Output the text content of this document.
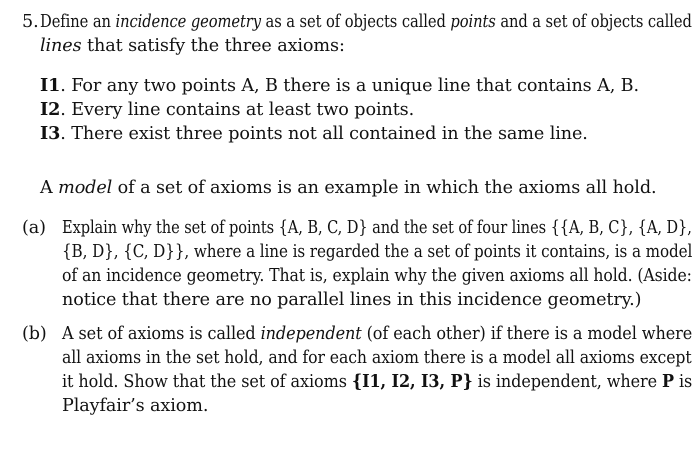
5. Define an incidence geometry as a set of objects called points and a set of objects called
lines that satisfy the three axioms:
I1. For any two points A, B there is a unique line that contains A, B.
I2. Every line contains at least two points.
I3. There exist three points not all contained in the same line.
A model of a set of axioms is an example in which the axioms all hold.
(a) Explain why the set of points {A, B, C, D} and the set of four lines {{A, B, C}, {A, D},
{B, D}, {C, D}}, where a line is regarded the a set of points it contains, is a model
of an incidence geometry. That is, explain why the given axioms all hold. (Aside:
notice that there are no parallel lines in this incidence geometry.)
(b) A set of axioms is called independent (of each other) if there is a model where
all axioms in the set hold, and for each axiom there is a model all axioms except
it hold. Show that the set of axioms {I1, I2, I3, P} is independent, where P is
Playfair’s axiom.
